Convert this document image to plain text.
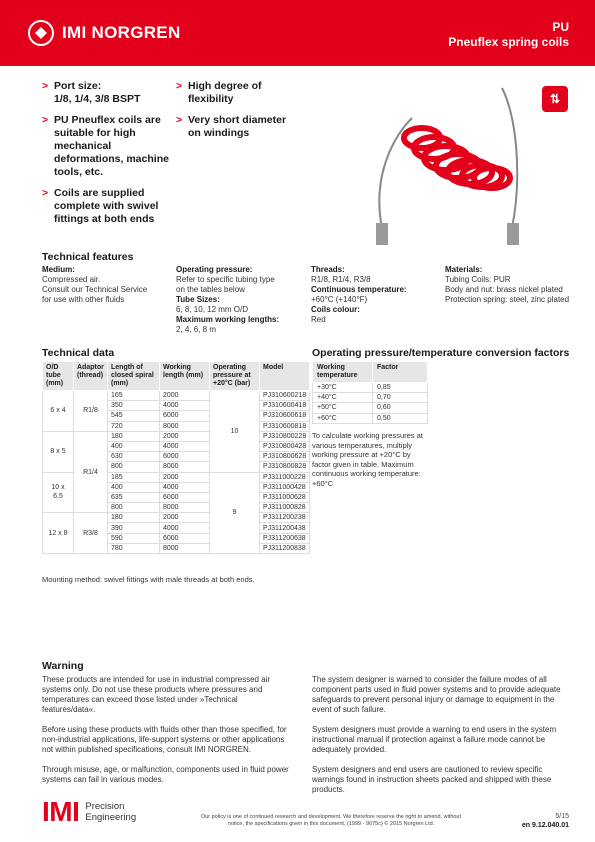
IMI NORGREN	PU
Pneuflex spring coils
> Port size:
1/8, 1/4, 3/8 BSPT
> PU Pneuflex coils are suitable for high mechanical deformations, machine tools, etc.
> Coils are supplied complete with swivel fittings at both ends
> High degree of flexibility
> Very short diameter
on windings
⇅
Technical features
Medium:
Compressed air.
Consult our Technical Service
for use with other fluids
Operating pressure:
Refer to specific tubing type
on the tables below
Tube Sizes:
6, 8, 10, 12 mm O/D
Maximum working lengths:
2, 4, 6, 8 m
Threads:
R1/8, R1/4, R3/8
Continuous temperature:
+60°C (+140°F)
Coils colour:
Red
Materials:
Tubing Coils: PUR
Body and nut: brass nickel plated
Protection spring: steel, zinc plated
Technical data
O/D tube (mm)	Adaptor (thread)	Length of closed spiral (mm)	Working length (mm)	Operating pressure at +20°C (bar)	Model
6 x 4	R1/8	165	2000	10	PJ310600218
		350	4000		PJ310600418
		545	6000		PJ310600618
		720	8000		PJ310600818
8 x 5	R1/4	180	2000		PJ310800228
		400	4000		PJ310800428
		630	6000		PJ310800628
		800	8000		PJ310800828
10 x 6,5		185	2000	9	PJ311000228
		400	4000		PJ311000428
		635	6000		PJ311000628
		800	8000		PJ311000828
12 x 8	R3/8	180	2000		PJ311200238
		390	4000		PJ311200438
		590	6000		PJ311200638
		780	8000		PJ311200838
Mounting method: swivel fittings with male threads at both ends.
Operating pressure/temperature conversion factors
Working temperature	Factor
+30°C	0,85
+40°C	0,70
+50°C	0,60
+60°C	0,50
To calculate working pressures at various temperatures, multiply working pressure at +20°C by factor given in table. Maximum continuous working temperature: +60°C
Warning

These products are intended for use in industrial compressed air systems only. Do not use these products where pressures and temperatures can exceed those listed under »Technical features/data«.

Before using these products with fluids other than those specified, for non-industrial applications, life-support systems or other applications not within published specifications, consult IMI NORGREN.

Through misuse, age, or malfunction, components used in fluid power systems can fail in various modes.

The system designer is warned to consider the failure modes of all component parts used in fluid power systems and to provide adequate safeguards to prevent personal injury or damage to equipment in the event of such failure.

System designers must provide a warning to end users in the system instructional manual if protection against a failure mode cannot be adequately provided.

System designers and end users are cautioned to review specific warnings found in instruction sheets packed and shipped with these products.

IMI Precision
Engineering	Our policy is one of continued research and development. We therefore reserve the right to amend, without notice, the specifications given in this document. (1999 - 9075c) © 2015 Norgren Ltd.
5/15
en 9.12.040.01
